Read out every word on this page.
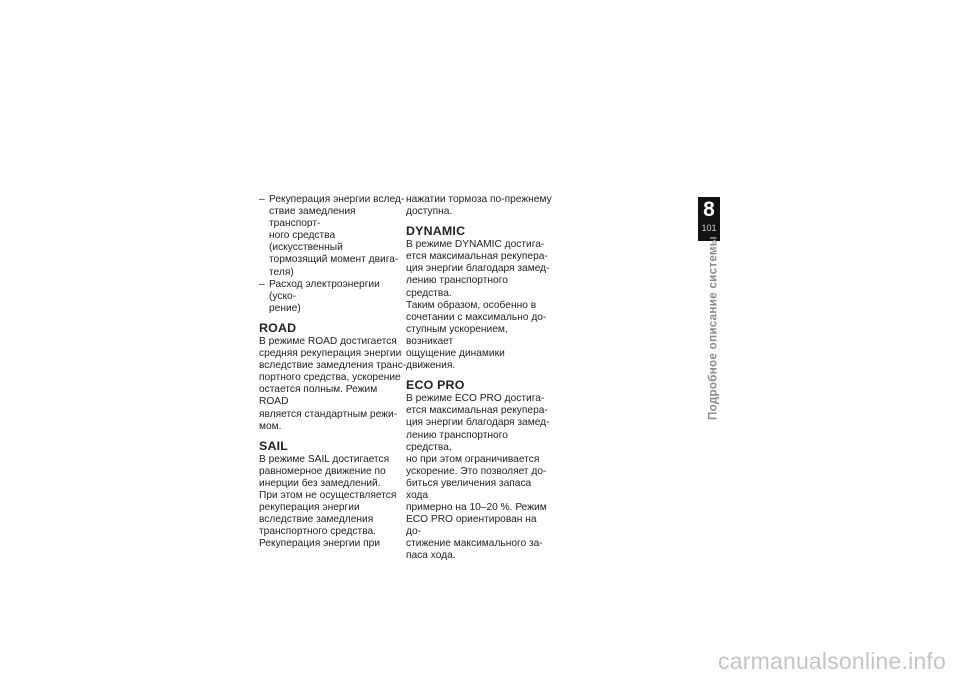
– Рекуперация энергии вслед-
ствие замедления транспорт-
ного средства (искусственный
тормозящий момент двига-
теля)
– Расход электроэнергии (уско-
рение)
ROAD

В режиме ROAD достигается
средняя рекуперация энергии
вследствие замедления транс-
портного средства, ускорение
остается полным. Режим ROAD
является стандартным режи-
мом.

SAIL

В режиме SAIL достигается
равномерное движение по
инерции без замедлений.
При этом не осуществляется
рекуперация энергии
вследствие замедления
транспортного средства.
Рекуперация энергии при

нажатии тормоза по-прежнему
доступна.

DYNAMIC

В режиме DYNAMIC достига-
ется максимальная рекупера-
ция энергии благодаря замед-
лению транспортного средства.
Таким образом, особенно в
сочетании с максимально до-
ступным ускорением, возникает
ощущение динамики движения.

ECO PRO

В режиме ECO PRO достига-
ется максимальная рекупера-
ция энергии благодаря замед-
лению транспортного средства,
но при этом ограничивается
ускорение. Это позволяет до-
биться увеличения запаса хода
примерно на 10–20 %. Режим
ECO PRO ориентирован на до-
стижение максимального за-
паса хода.

8
101
Подробное описание системы
carmanualsonline.info
